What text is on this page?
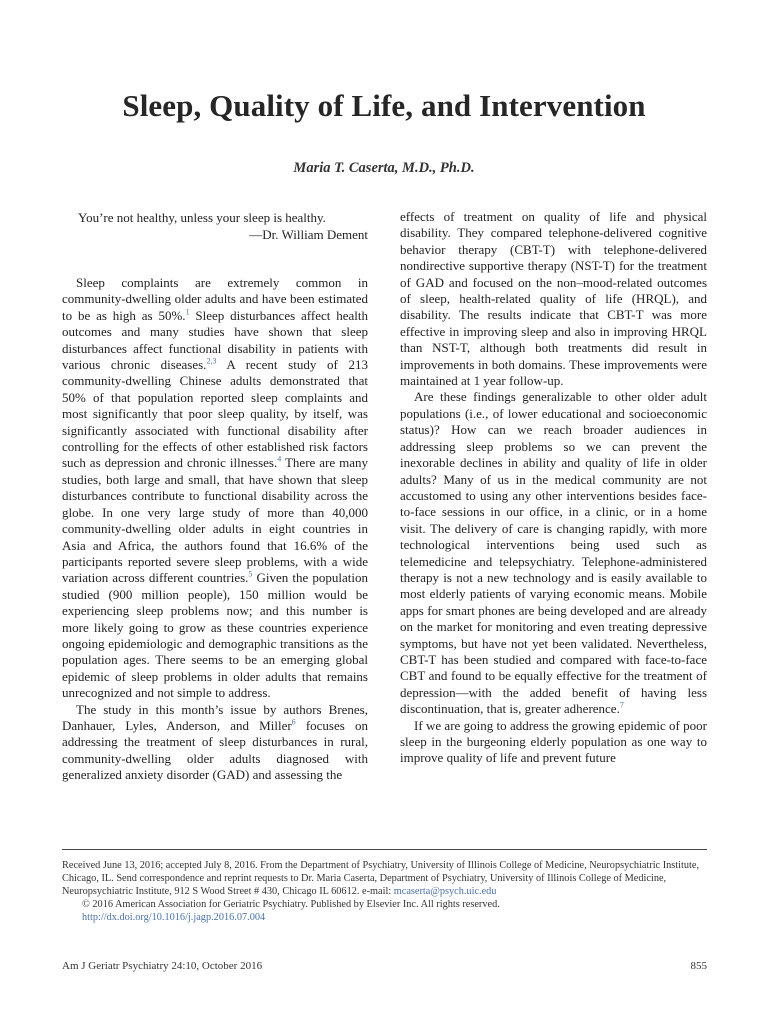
Sleep, Quality of Life, and Intervention
Maria T. Caserta, M.D., Ph.D.
You’re not healthy, unless your sleep is healthy.
—Dr. William Dement

Sleep complaints are extremely common in community-dwelling older adults and have been estimated to be as high as 50%.$^1$ Sleep disturbances affect health outcomes and many studies have shown that sleep disturbances affect functional disability in patients with various chronic diseases.$^{2,3}$ A recent study of 213 community-dwelling Chinese adults demonstrated that 50% of that population reported sleep complaints and most significantly that poor sleep quality, by itself, was significantly associated with functional disability after controlling for the effects of other established risk factors such as depression and chronic illnesses.$^4$ There are many studies, both large and small, that have shown that sleep disturbances contribute to functional disability across the globe. In one very large study of more than 40,000 community-dwelling older adults in eight countries in Asia and Africa, the authors found that 16.6% of the participants reported severe sleep problems, with a wide variation across different countries.$^5$ Given the population studied (900 million people), 150 million would be experiencing sleep problems now; and this number is more likely going to grow as these countries experience ongoing epidemiologic and demographic transitions as the population ages. There seems to be an emerging global epidemic of sleep problems in older adults that remains unrecognized and not simple to address.

The study in this month’s issue by authors Brenes, Danhauer, Lyles, Anderson, and Miller$^6$ focuses on addressing the treatment of sleep disturbances in rural, community-dwelling older adults diagnosed with generalized anxiety disorder (GAD) and assessing the

effects of treatment on quality of life and physical disability. They compared telephone-delivered cognitive behavior therapy (CBT-T) with telephone-delivered nondirective supportive therapy (NST-T) for the treatment of GAD and focused on the non–mood-related outcomes of sleep, health-related quality of life (HRQL), and disability. The results indicate that CBT-T was more effective in improving sleep and also in improving HRQL than NST-T, although both treatments did result in improvements in both domains. These improvements were maintained at 1 year follow-up.

Are these findings generalizable to other older adult populations (i.e., of lower educational and socioeconomic status)? How can we reach broader audiences in addressing sleep problems so we can prevent the inexorable declines in ability and quality of life in older adults? Many of us in the medical community are not accustomed to using any other interventions besides face-to-face sessions in our office, in a clinic, or in a home visit. The delivery of care is changing rapidly, with more technological interventions being used such as telemedicine and telepsychiatry. Telephone-administered therapy is not a new technology and is easily available to most elderly patients of varying economic means. Mobile apps for smart phones are being developed and are already on the market for monitoring and even treating depressive symptoms, but have not yet been validated. Nevertheless, CBT-T has been studied and compared with face-to-face CBT and found to be equally effective for the treatment of depression—with the added benefit of having less discontinuation, that is, greater adherence.$^7$

If we are going to address the growing epidemic of poor sleep in the burgeoning elderly population as one way to improve quality of life and prevent future

Received June 13, 2016; accepted July 8, 2016. From the Department of Psychiatry, University of Illinois College of Medicine, Neuropsychiatric Institute, Chicago, IL. Send correspondence and reprint requests to Dr. Maria Caserta, Department of Psychiatry, University of Illinois College of Medicine, Neuropsychiatric Institute, 912 S Wood Street # 430, Chicago IL 60612. e-mail: mcaserta@psych.uic.edu
© 2016 American Association for Geriatric Psychiatry. Published by Elsevier Inc. All rights reserved.
http://dx.doi.org/10.1016/j.jagp.2016.07.004
Am J Geriatr Psychiatry 24:10, October 2016	855
